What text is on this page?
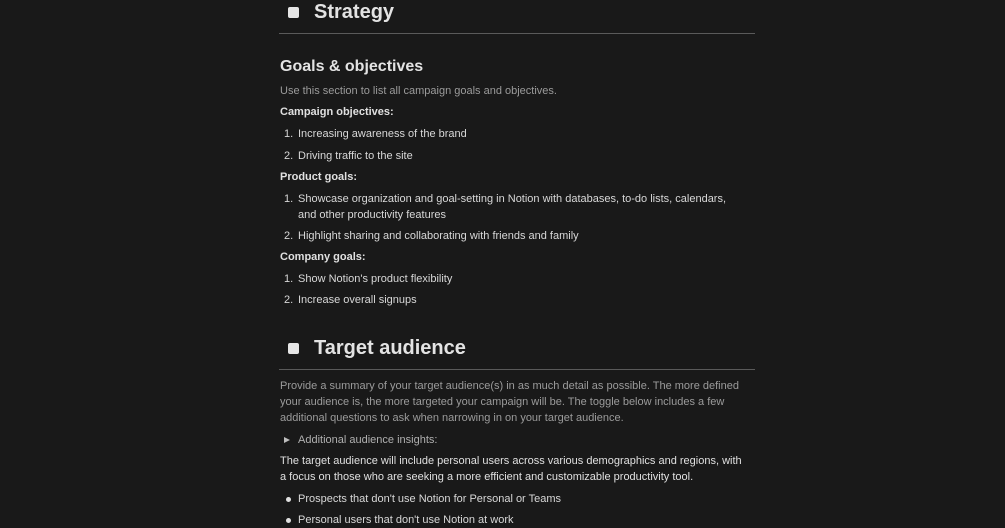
Strategy
Goals & objectives
Use this section to list all campaign goals and objectives.
Campaign objectives:
1. Increasing awareness of the brand
2. Driving traffic to the site
Product goals:
1. Showcase organization and goal-setting in Notion with databases, to-do lists, calendars, and other productivity features
2. Highlight sharing and collaborating with friends and family
Company goals:
1. Show Notion's product flexibility
2. Increase overall signups
Target audience
Provide a summary of your target audience(s) in as much detail as possible. The more defined your audience is, the more targeted your campaign will be. The toggle below includes a few additional questions to ask when narrowing in on your target audience.
Additional audience insights:
The target audience will include personal users across various demographics and regions, with a focus on those who are seeking a more efficient and customizable productivity tool.
Prospects that don't use Notion for Personal or Teams
Personal users that don't use Notion at work
